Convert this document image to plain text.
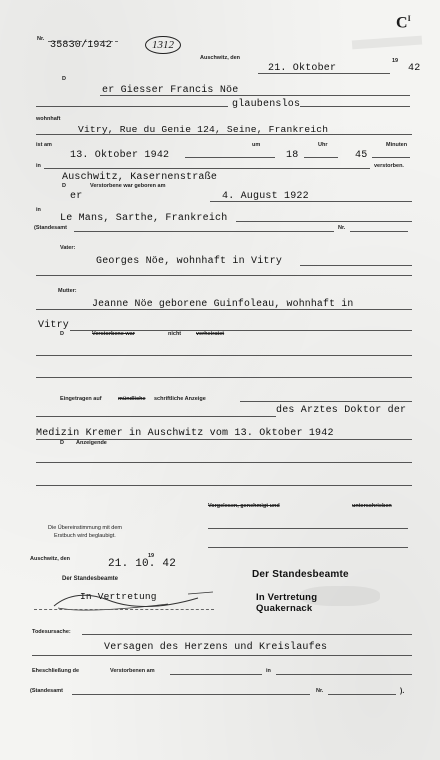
$C^I$
Nr.
35830/1942	1312
Auschwitz, den
21. Oktober
19
42
D
er Giesser Francis Nöe
glaubenslos
wohnhaft
Vitry, Rue du Genie 124, Seine, Frankreich
ist am	um	Uhr	Minuten
13. Oktober 1942	18	45
in	verstorben.
Auschwitz, Kasernenstraße
D	Verstorbene war geboren am
er	4. August 1922
in
Le Mans, Sarthe, Frankreich
(Standesamt	Nr.
Vater:
Georges Nöe, wohnhaft in Vitry
Mutter:
Jeanne Nöe geborene Guinfoleau, wohnhaft in
Vitry
D	Verstorbene war	nicht	verheiratet
Eingetragen auf	mündliche schriftliche Anzeige
des Arztes Doktor der
Medizin Kremer in Auschwitz vom 13. Oktober 1942
D Anzeigende
Vorgelesen, genehmigt und	unterschrieben
Die Übereinstimmung mit dem
Erstbuch wird beglaubigt.
Auschwitz, den	21. 10. 42
19
Der Standesbeamte	Der Standesbeamte
In Vertretung	In Vertretung
Quakernack
Todesursache:
Versagen des Herzens und Kreislaufes
Eheschließung de	Verstorbenen am	in
(Standesamt	Nr.	).
